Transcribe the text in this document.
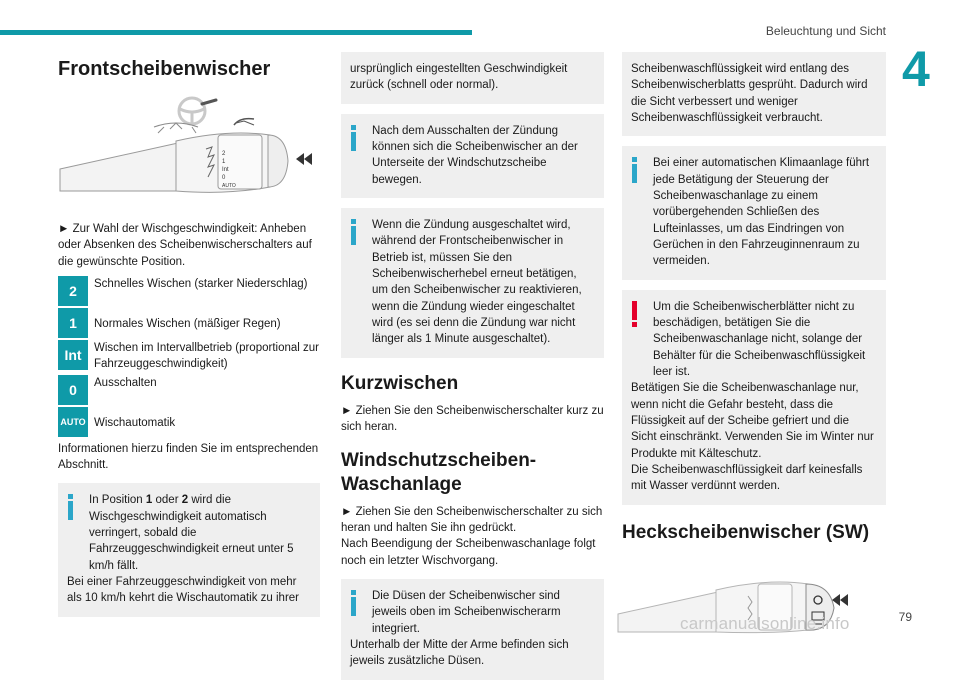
Beleuchtung und Sicht
4
Frontscheibenwischer
2
1
Int
0
AUTO

► Zur Wahl der Wischgeschwindigkeit: Anheben oder Absenken des Scheibenwischerschalters auf die gewünschte Position.

2	Schnelles Wischen (starker Niederschlag)
1	Normales Wischen (mäßiger Regen)
Int	Wischen im Intervallbetrieb (proportional zur Fahrzeuggeschwindigkeit)
0	Ausschalten
AUTO Wischautomatik

Informationen hierzu finden Sie im entsprechenden Abschnitt.

In Position 1 oder 2 wird die Wischgeschwindigkeit automatisch verringert, sobald die Fahrzeuggeschwindigkeit erneut unter 5 km/h fällt.
Bei einer Fahrzeuggeschwindigkeit von mehr als 10 km/h kehrt die Wischautomatik zu ihrer
ursprünglich eingestellten Geschwindigkeit zurück (schnell oder normal).
Nach dem Ausschalten der Zündung können sich die Scheibenwischer an der Unterseite der Windschutzscheibe bewegen.
Wenn die Zündung ausgeschaltet wird, während der Frontscheibenwischer in Betrieb ist, müssen Sie den Scheibenwischerhebel erneut betätigen, um den Scheibenwischer zu reaktivieren, wenn die Zündung wieder eingeschaltet wird (es sei denn die Zündung war nicht länger als 1 Minute ausgeschaltet).
Kurzwischen

► Ziehen Sie den Scheibenwischerschalter kurz zu sich heran.

Windschutzscheiben-Waschanlage

► Ziehen Sie den Scheibenwischerschalter zu sich heran und halten Sie ihn gedrückt.

Nach Beendigung der Scheibenwaschanlage folgt noch ein letzter Wischvorgang.

Die Düsen der Scheibenwischer sind jeweils oben im Scheibenwischerarm integriert.
Unterhalb der Mitte der Arme befinden sich jeweils zusätzliche Düsen.
Scheibenwaschflüssigkeit wird entlang des Scheibenwischerblatts gesprüht. Dadurch wird die Sicht verbessert und weniger Scheibenwaschflüssigkeit verbraucht.
Bei einer automatischen Klimaanlage führt jede Betätigung der Steuerung der Scheibenwaschanlage zu einem vorübergehenden Schließen des Lufteinlasses, um das Eindringen von Gerüchen in den Fahrzeuginnenraum zu vermeiden.
Um die Scheibenwischerblätter nicht zu beschädigen, betätigen Sie die Scheibenwaschanlage nicht, solange der Behälter für die Scheibenwaschflüssigkeit leer ist.
Betätigen Sie die Scheibenwaschanlage nur, wenn nicht die Gefahr besteht, dass die Flüssigkeit auf der Scheibe gefriert und die Sicht einschränkt. Verwenden Sie im Winter nur Produkte mit Kälteschutz.
Die Scheibenwaschflüssigkeit darf keinesfalls mit Wasser verdünnt werden.
Heckscheibenwischer (SW)
carmanualsonline.info	79
